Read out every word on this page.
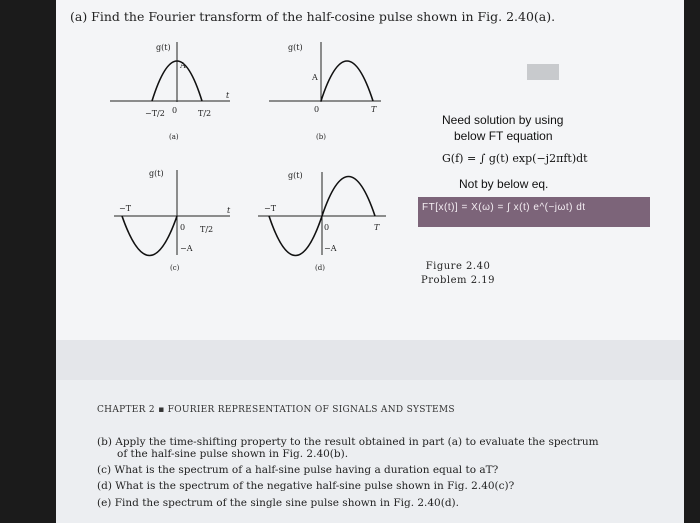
(a) Find the Fourier transform of the half-cosine pulse shown in Fig. 2.40(a).
g(t)
A
−T/2 0	T/2
t
(a)
g(t)
A
0	T
(b)
g(t)
−T
0 T/2
t
−A
(c)
g(t)
−T
0	T
−A
(d)
Need solution by using
below FT equation
G(f) = ∫ g(t) exp(−j2πft)dt
Not by below eq.
FT[x(t)] = X(ω) = ∫ x(t) e^(−jωt) dt
Figure 2.40
Problem 2.19
CHAPTER 2 ▪ FOURIER REPRESENTATION OF SIGNALS AND SYSTEMS
(b) Apply the time-shifting property to the result obtained in part (a) to evaluate the spectrum
of the half-sine pulse shown in Fig. 2.40(b).
(c) What is the spectrum of a half-sine pulse having a duration equal to aT?
(d) What is the spectrum of the negative half-sine pulse shown in Fig. 2.40(c)?
(e) Find the spectrum of the single sine pulse shown in Fig. 2.40(d).
